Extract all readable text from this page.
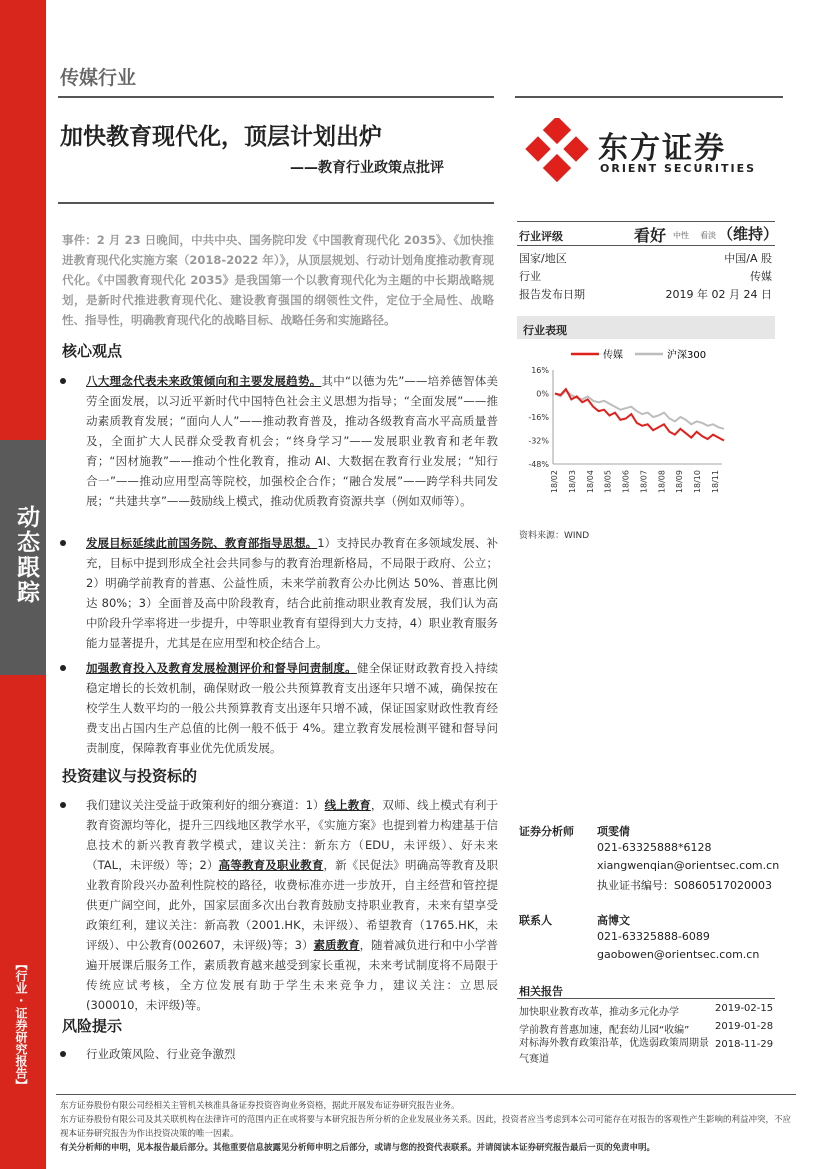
动态跟踪
【行业 · 证券研究报告】
传媒行业
加快教育现代化，顶层计划出炉
——教育行业政策点批评
东方证券
ORIENT SECURITIES
事件：2 月 23 日晚间，中共中央、国务院印发《中国教育现代化 2035》、《加快推进教育现代化实施方案（2018-2022 年）》，从顶层规划、行动计划角度推动教育现代化。《中国教育现代化 2035》是我国第一个以教育现代化为主题的中长期战略规划，是新时代推进教育现代化、建设教育强国的纲领性文件，定位于全局性、战略性、指导性，明确教育现代化的战略目标、战略任务和实施路径。
核心观点
八大理念代表未来政策倾向和主要发展趋势。其中“以德为先”——培养德智体美劳全面发展，以习近平新时代中国特色社会主义思想为指导；“全面发展”——推动素质教育发展；“面向人人”——推动教育普及，推动各级教育高水平高质量普及，全面扩大人民群众受教育机会；“终身学习”——发展职业教育和老年教育；“因材施教”——推动个性化教育，推动 AI、大数据在教育行业发展；“知行合一”——推动应用型高等院校，加强校企合作；“融合发展”——跨学科共同发展；“共建共享”——鼓励线上模式，推动优质教育资源共享（例如双师等）。
发展目标延续此前国务院、教育部指导思想。1）支持民办教育在多领域发展、补充，目标中提到形成全社会共同参与的教育治理新格局，不局限于政府、公立；2）明确学前教育的普惠、公益性质，未来学前教育公办比例达 50%、普惠比例达 80%；3）全面普及高中阶段教育，结合此前推动职业教育发展，我们认为高中阶段升学率将进一步提升，中等职业教育有望得到大力支持，4）职业教育服务能力显著提升，尤其是在应用型和校企结合上。
加强教育投入及教育发展检测评价和督导问责制度。健全保证财政教育投入持续稳定增长的长效机制，确保财政一般公共预算教育支出逐年只增不减，确保按在校学生人数平均的一般公共预算教育支出逐年只增不减，保证国家财政性教育经费支出占国内生产总值的比例一般不低于 4%。建立教育发展检测平键和督导问责制度，保障教育事业优先优质发展。
投资建议与投资标的
我们建议关注受益于政策利好的细分赛道：1）线上教育，双师、线上模式有利于教育资源均等化，提升三四线地区教学水平，《实施方案》也提到着力构建基于信息技术的新兴教育教学模式，建议关注：新东方（EDU，未评级）、好未来（TAL，未评级）等；2）高等教育及职业教育，新《民促法》明确高等教育及职业教育阶段兴办盈利性院校的路径，收费标准亦进一步放开，自主经营和管控提供更广阔空间，此外，国家层面多次出台教育鼓励支持职业教育，未来有望享受政策红利，建议关注：新高教（2001.HK，未评级）、希望教育（1765.HK，未评级）、中公教育(002607，未评级)等；3）素质教育，随着减负进行和中小学普遍开展课后服务工作，素质教育越来越受到家长重视，未来考试制度将不局限于传统应试考核，全方位发展有助于学生未来竞争力，建议关注：立思辰(300010，未评级)等。
风险提示
行业政策风险、行业竞争激烈
行业评级	看好 中性 看淡 （维持）
国家/地区	中国/A 股
行业	传媒
报告发布日期	2019 年 02 月 24 日
行业表现
16%
0%
-16%
-32%
-48%
18/02 18/03 18/04 18/05 18/06 18/07 18/08 18/09 18/10 18/11
传媒	沪深300
资料来源：WIND
证券分析师 项雯倩
021-63325888*6128
xiangwenqian@orientsec.com.cn
执业证书编号：S0860517020003
联系人	高博文
021-63325888-6089
gaobowen@orientsec.com.cn
相关报告
加快职业教育改革，推动多元化办学	2019-02-15
学前教育普惠加速，配套幼儿园“收编”	2019-01-28
对标海外教育政策沿革，优选弱政策周期景气赛道
2018-11-29
东方证券股份有限公司经相关主管机关核准具备证券投资咨询业务资格，据此开展发布证券研究报告业务。
东方证券股份有限公司及其关联机构在法律许可的范围内正在或将要与本研究报告所分析的企业发展业务关系。因此，投资者应当考虑到本公司可能存在对报告的客观性产生影响的利益冲突，不应视本证券研究报告为作出投资决策的唯一因素。
有关分析师的申明，见本报告最后部分。其他重要信息披露见分析师申明之后部分，或请与您的投资代表联系。并请阅读本证券研究报告最后一页的免责申明。
